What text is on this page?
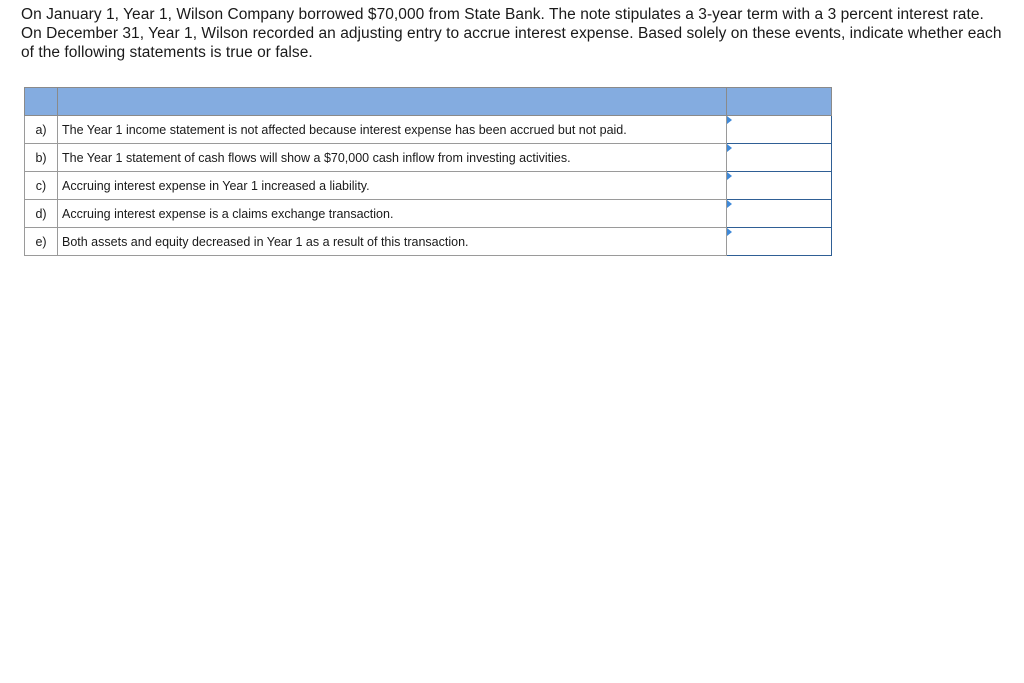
On January 1, Year 1, Wilson Company borrowed $70,000 from State Bank. The note stipulates a 3-year term with a 3 percent interest rate. On December 31, Year 1, Wilson recorded an adjusting entry to accrue interest expense. Based solely on these events, indicate whether each of the following statements is true or false.

a)	The Year 1 income statement is not affected because interest expense has been accrued but not paid.	

b)	The Year 1 statement of cash flows will show a $70,000 cash inflow from investing activities.	

c)	Accruing interest expense in Year 1 increased a liability.	

d)	Accruing interest expense is a claims exchange transaction.	

e)	Both assets and equity decreased in Year 1 as a result of this transaction.	
